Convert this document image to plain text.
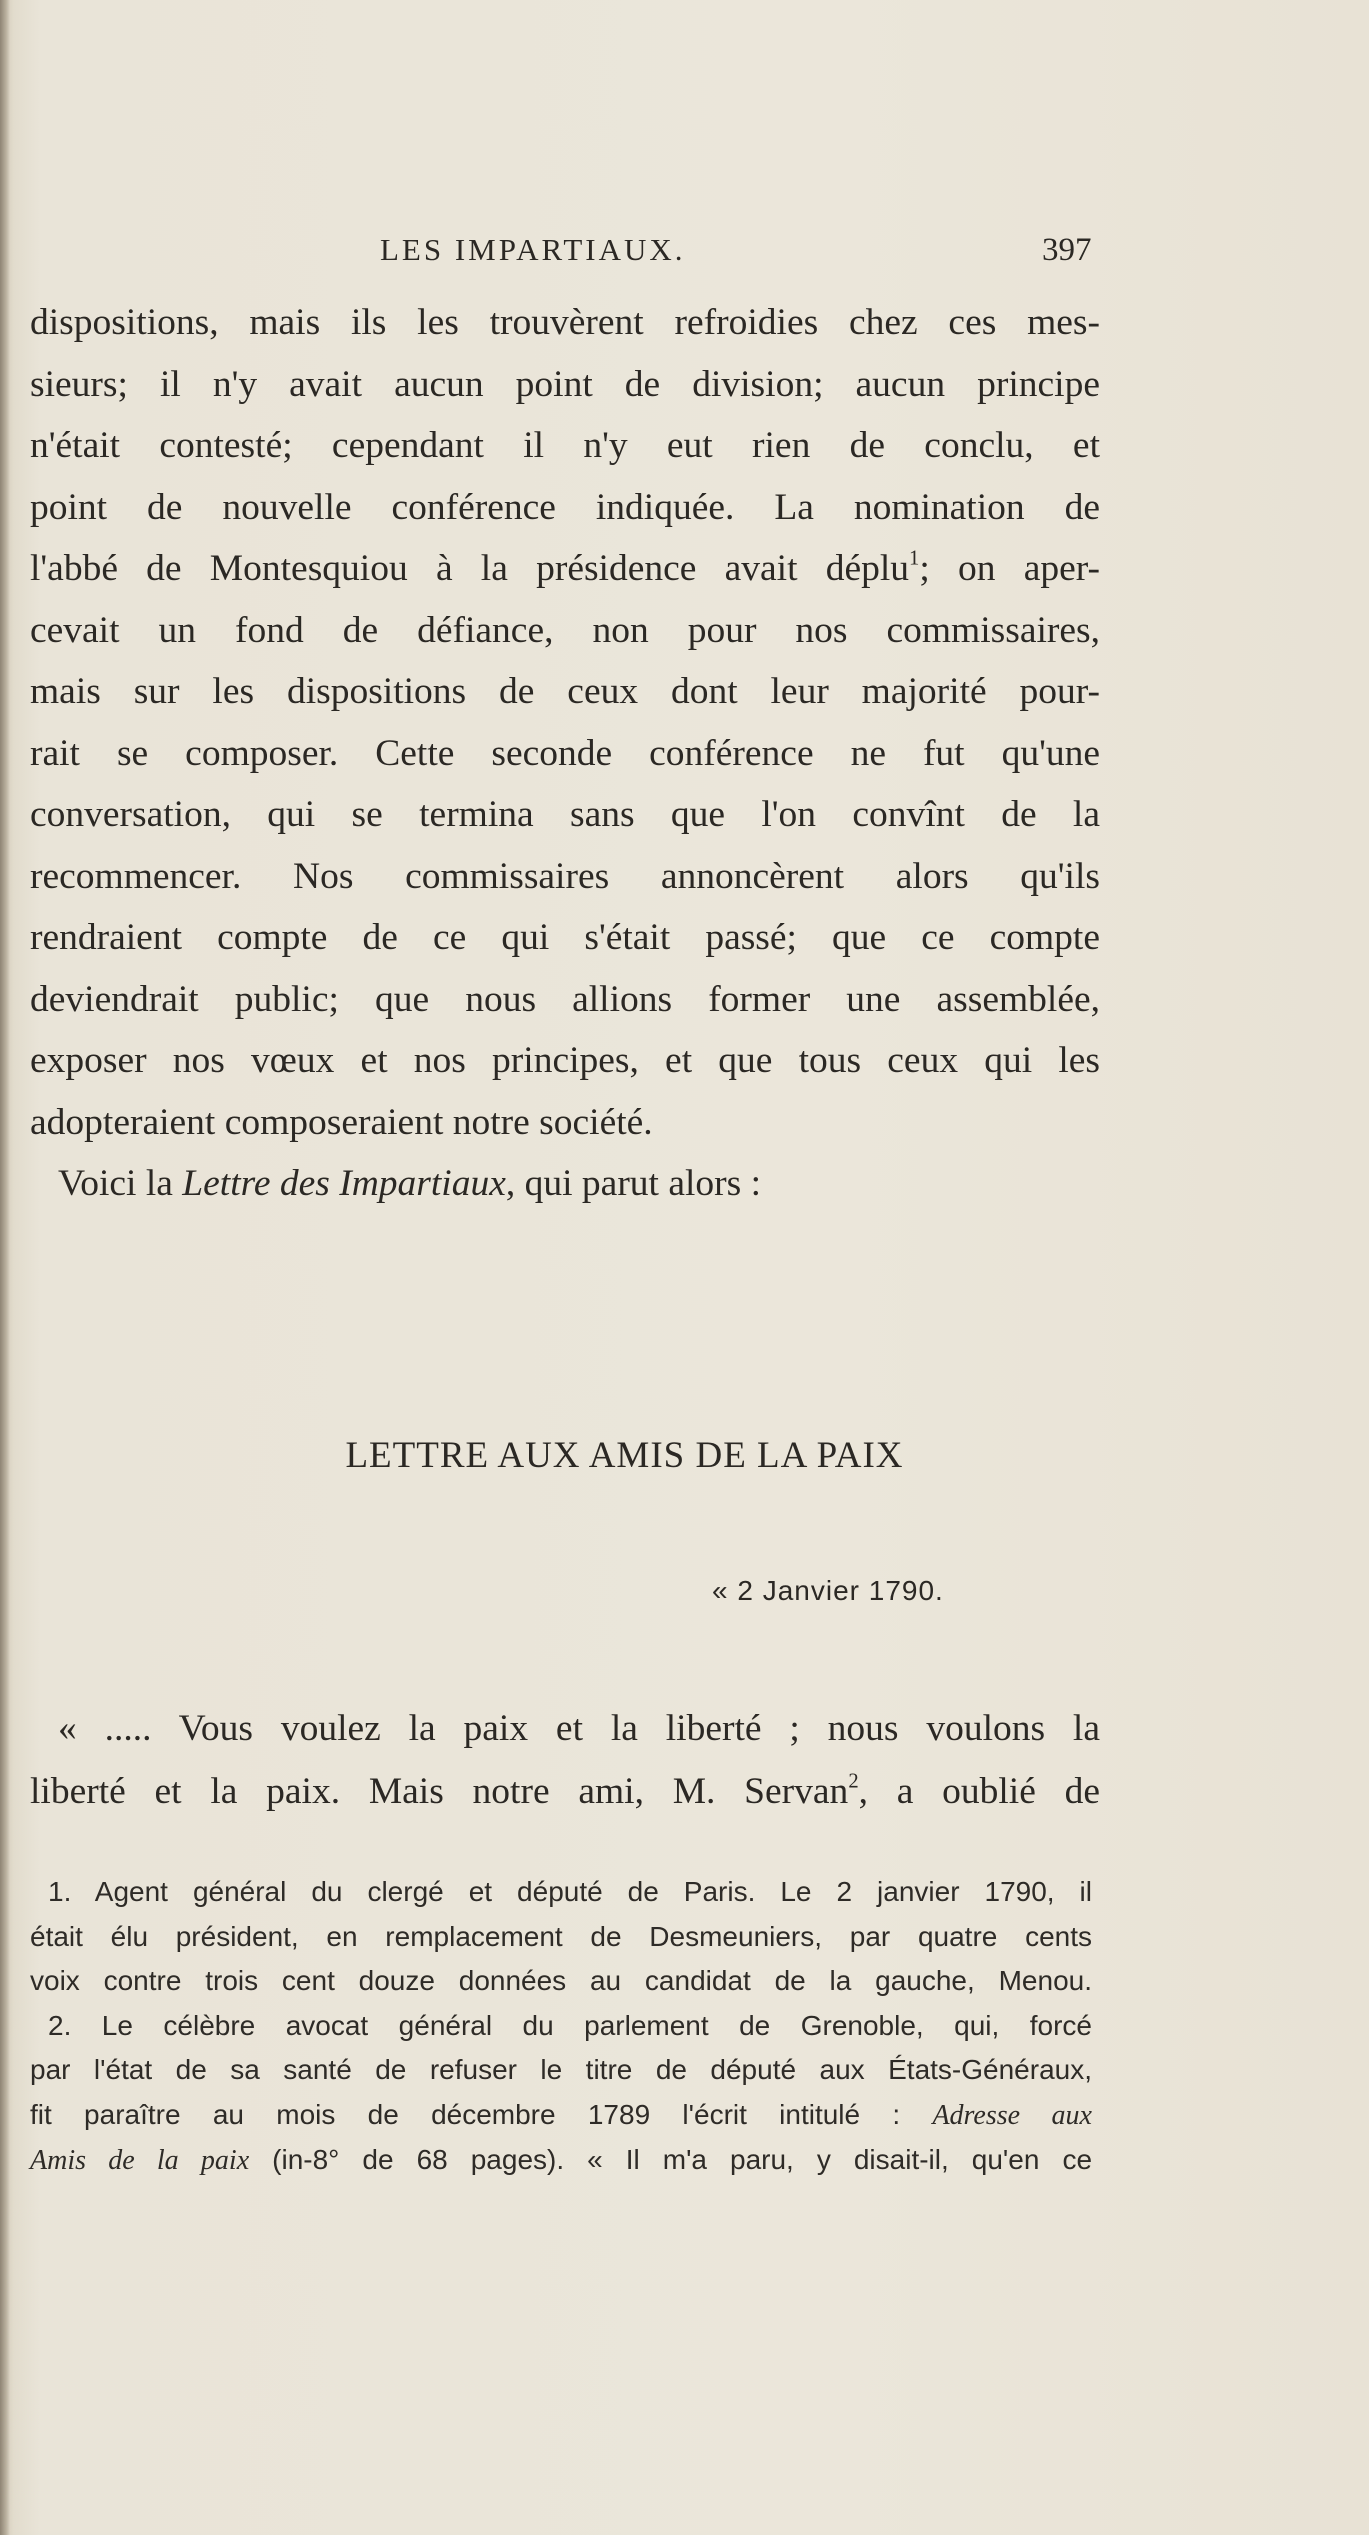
LES IMPARTIAUX.	397
dispositions, mais ils les trouvèrent refroidies chez ces mes-
sieurs; il n'y avait aucun point de division; aucun principe
n'était contesté; cependant il n'y eut rien de conclu, et
point de nouvelle conférence indiquée. La nomination de
l'abbé de Montesquiou à la présidence avait déplu$^1$; on aper-
cevait un fond de défiance, non pour nos commissaires,
mais sur les dispositions de ceux dont leur majorité pour-
rait se composer. Cette seconde conférence ne fut qu'une
conversation, qui se termina sans que l'on convînt de la
recommencer. Nos commissaires annoncèrent alors qu'ils
rendraient compte de ce qui s'était passé; que ce compte
deviendrait public; que nous allions former une assemblée,
exposer nos vœux et nos principes, et que tous ceux qui les
adopteraient composeraient notre société.
Voici la Lettre des Impartiaux, qui parut alors :
LETTRE AUX AMIS DE LA PAIX
« 2 Janvier 1790.
« ..... Vous voulez la paix et la liberté ; nous voulons la
liberté et la paix. Mais notre ami, M. Servan$^2$, a oublié de
1. Agent général du clergé et député de Paris. Le 2 janvier 1790, il
était élu président, en remplacement de Desmeuniers, par quatre cents
voix contre trois cent douze données au candidat de la gauche, Menou.
2. Le célèbre avocat général du parlement de Grenoble, qui, forcé
par l'état de sa santé de refuser le titre de député aux États-Généraux,
fit paraître au mois de décembre 1789 l'écrit intitulé : Adresse aux
Amis de la paix (in-8° de 68 pages). « Il m'a paru, y disait-il, qu'en ce
